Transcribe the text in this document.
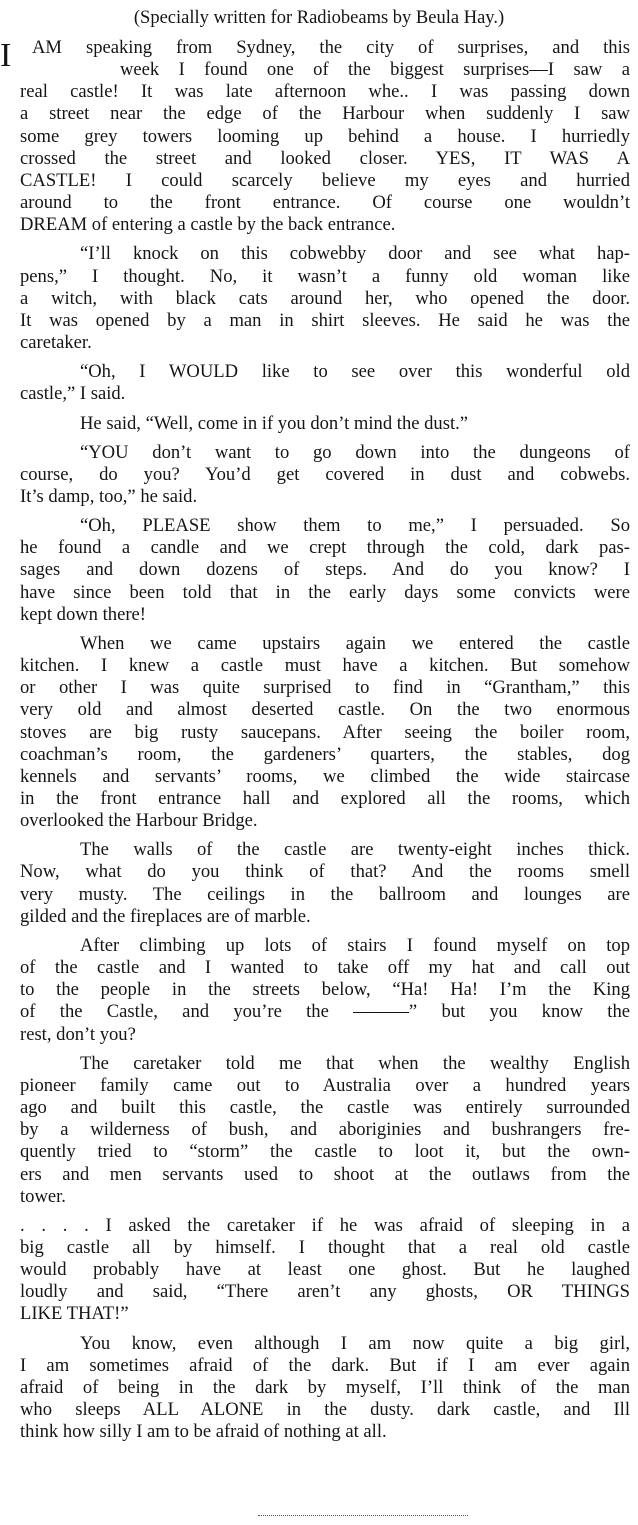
(Specially written for Radiobeams by Beula Hay.)

I	AM speaking from Sydney, the city of surprises, and this
week I found one of the biggest surprises—I saw a
real castle! It was late afternoon whe.. I was passing down
a street near the edge of the Harbour when suddenly I saw
some grey towers looming up behind a house. I hurriedly
crossed the street and looked closer. YES, IT WAS A
CASTLE! I could scarcely believe my eyes and hurried
around to the front entrance. Of course one wouldn’t
DREAM of entering a castle by the back entrance.

“I’ll knock on this cobwebby door and see what hap-
pens,” I thought. No, it wasn’t a funny old woman like
a witch, with black cats around her, who opened the door.
It was opened by a man in shirt sleeves. He said he was the
caretaker.

“Oh, I WOULD like to see over this wonderful old
castle,” I said.

He said, “Well, come in if you don’t mind the dust.”

“YOU don’t want to go down into the dungeons of
course, do you? You’d get covered in dust and cobwebs.
It’s damp, too,” he said.

“Oh, PLEASE show them to me,” I persuaded. So
he found a candle and we crept through the cold, dark pas-
sages and down dozens of steps. And do you know? I
have since been told that in the early days some convicts were
kept down there!

When we came upstairs again we entered the castle
kitchen. I knew a castle must have a kitchen. But somehow
or other I was quite surprised to find in “Grantham,” this
very old and almost deserted castle. On the two enormous
stoves are big rusty saucepans. After seeing the boiler room,
coachman’s room, the gardeners’ quarters, the stables, dog
kennels and servants’ rooms, we climbed the wide staircase
in the front entrance hall and explored all the rooms, which
overlooked the Harbour Bridge.

The walls of the castle are twenty-eight inches thick.
Now, what do you think of that? And the rooms smell
very musty. The ceilings in the ballroom and lounges are
gilded and the fireplaces are of marble.

After climbing up lots of stairs I found myself on top
of the castle and I wanted to take off my hat and call out
to the people in the streets below, “Ha! Ha! I’m the King
of the Castle, and you’re the ———” but you know the
rest, don’t you?

The caretaker told me that when the wealthy English
pioneer family came out to Australia over a hundred years
ago and built this castle, the castle was entirely surrounded
by a wilderness of bush, and aboriginies and bushrangers fre-
quently tried to “storm” the castle to loot it, but the own-
ers and men servants used to shoot at the outlaws from the
tower.

. . . . I asked the caretaker if he was afraid of sleeping in a
big castle all by himself. I thought that a real old castle
would probably have at least one ghost. But he laughed
loudly and said, “There aren’t any ghosts, OR THINGS
LIKE THAT!”

You know, even although I am now quite a big girl,
I am sometimes afraid of the dark. But if I am ever again
afraid of being in the dark by myself, I’ll think of the man
who sleeps ALL ALONE in the dusty. dark castle, and Ill
think how silly I am to be afraid of nothing at all.
